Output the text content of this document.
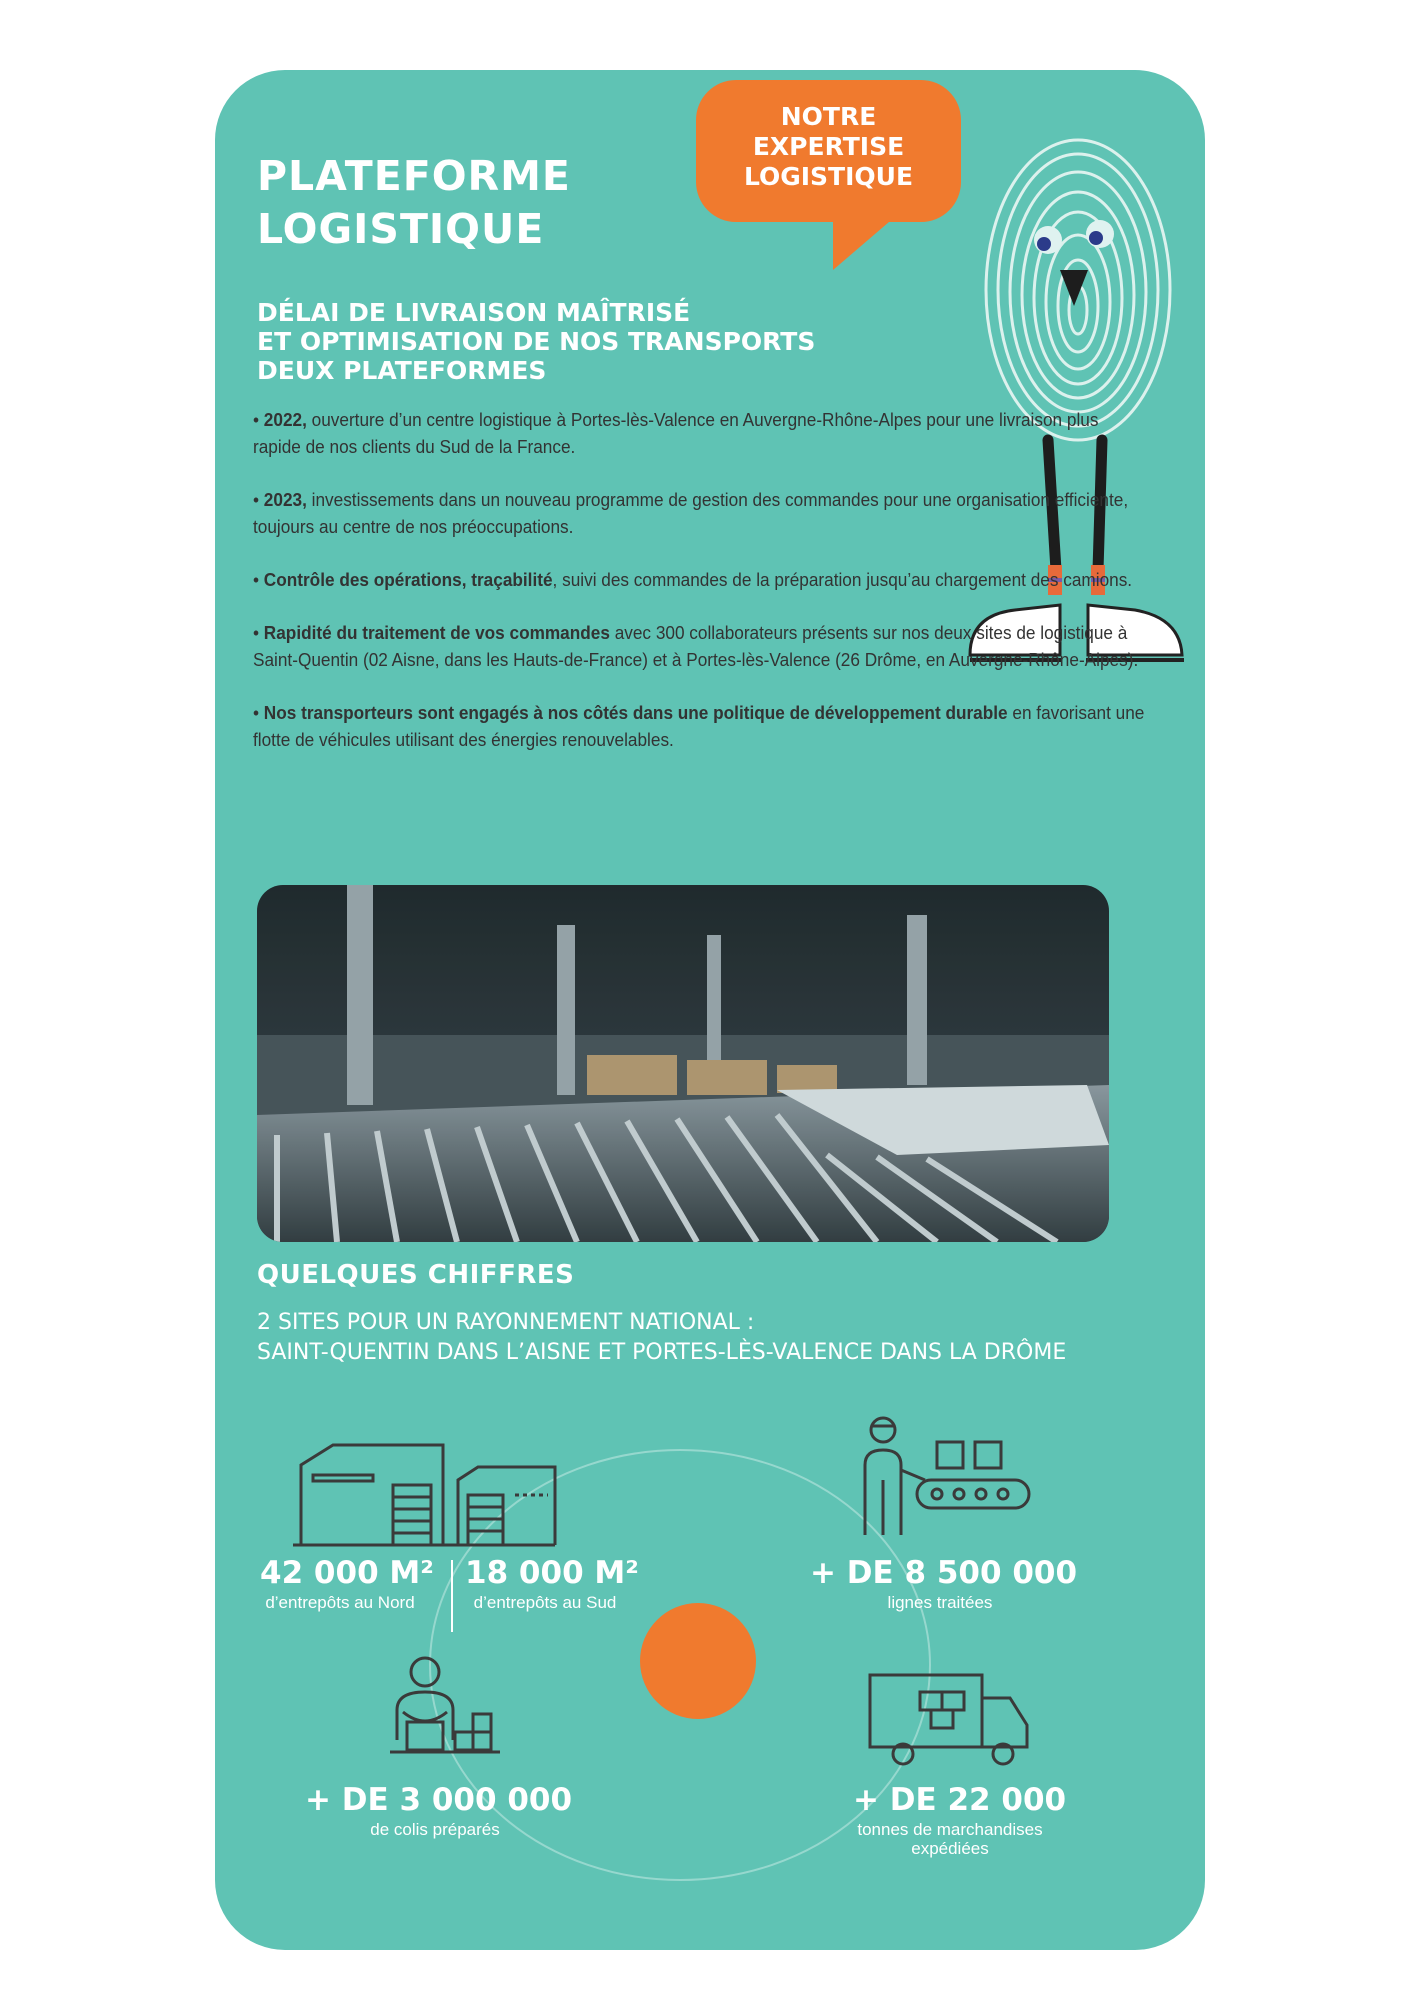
PLATEFORME
LOGISTIQUE
NOTRE
EXPERTISE
LOGISTIQUE
DÉLAI DE LIVRAISON MAÎTRISÉ
ET OPTIMISATION DE NOS TRANSPORTS
DEUX PLATEFORMES

• 2022, ouverture d’un centre logistique à Portes-lès-Valence en Auvergne-Rhône-Alpes pour une livraison plus rapide de nos clients du Sud de la France.

• 2023, investissements dans un nouveau programme de gestion des commandes pour une organisation efficiente, toujours au centre de nos préoccupations.

• Contrôle des opérations, traçabilité, suivi des commandes de la préparation jusqu’au chargement des camions.

• Rapidité du traitement de vos commandes avec 300 collaborateurs présents sur nos deux sites de logistique à Saint-Quentin (02 Aisne, dans les Hauts-de-France) et à Portes-lès-Valence (26 Drôme, en Auvergne-Rhône-Alpes).

• Nos transporteurs sont engagés à nos côtés dans une politique de développement durable en favorisant une flotte de véhicules utilisant des énergies renouvelables.

QUELQUES CHIFFRES
2 SITES POUR UN RAYONNEMENT NATIONAL :
SAINT-QUENTIN DANS L’AISNE ET PORTES-LÈS-VALENCE DANS LA DRÔME
42 000 M²
d’entrepôts au Nord
18 000 M²
d’entrepôts au Sud
+ DE 8 500 000
lignes traitées
+ DE 3 000 000
de colis préparés
+ DE 22 000
tonnes de marchandises
expédiées
